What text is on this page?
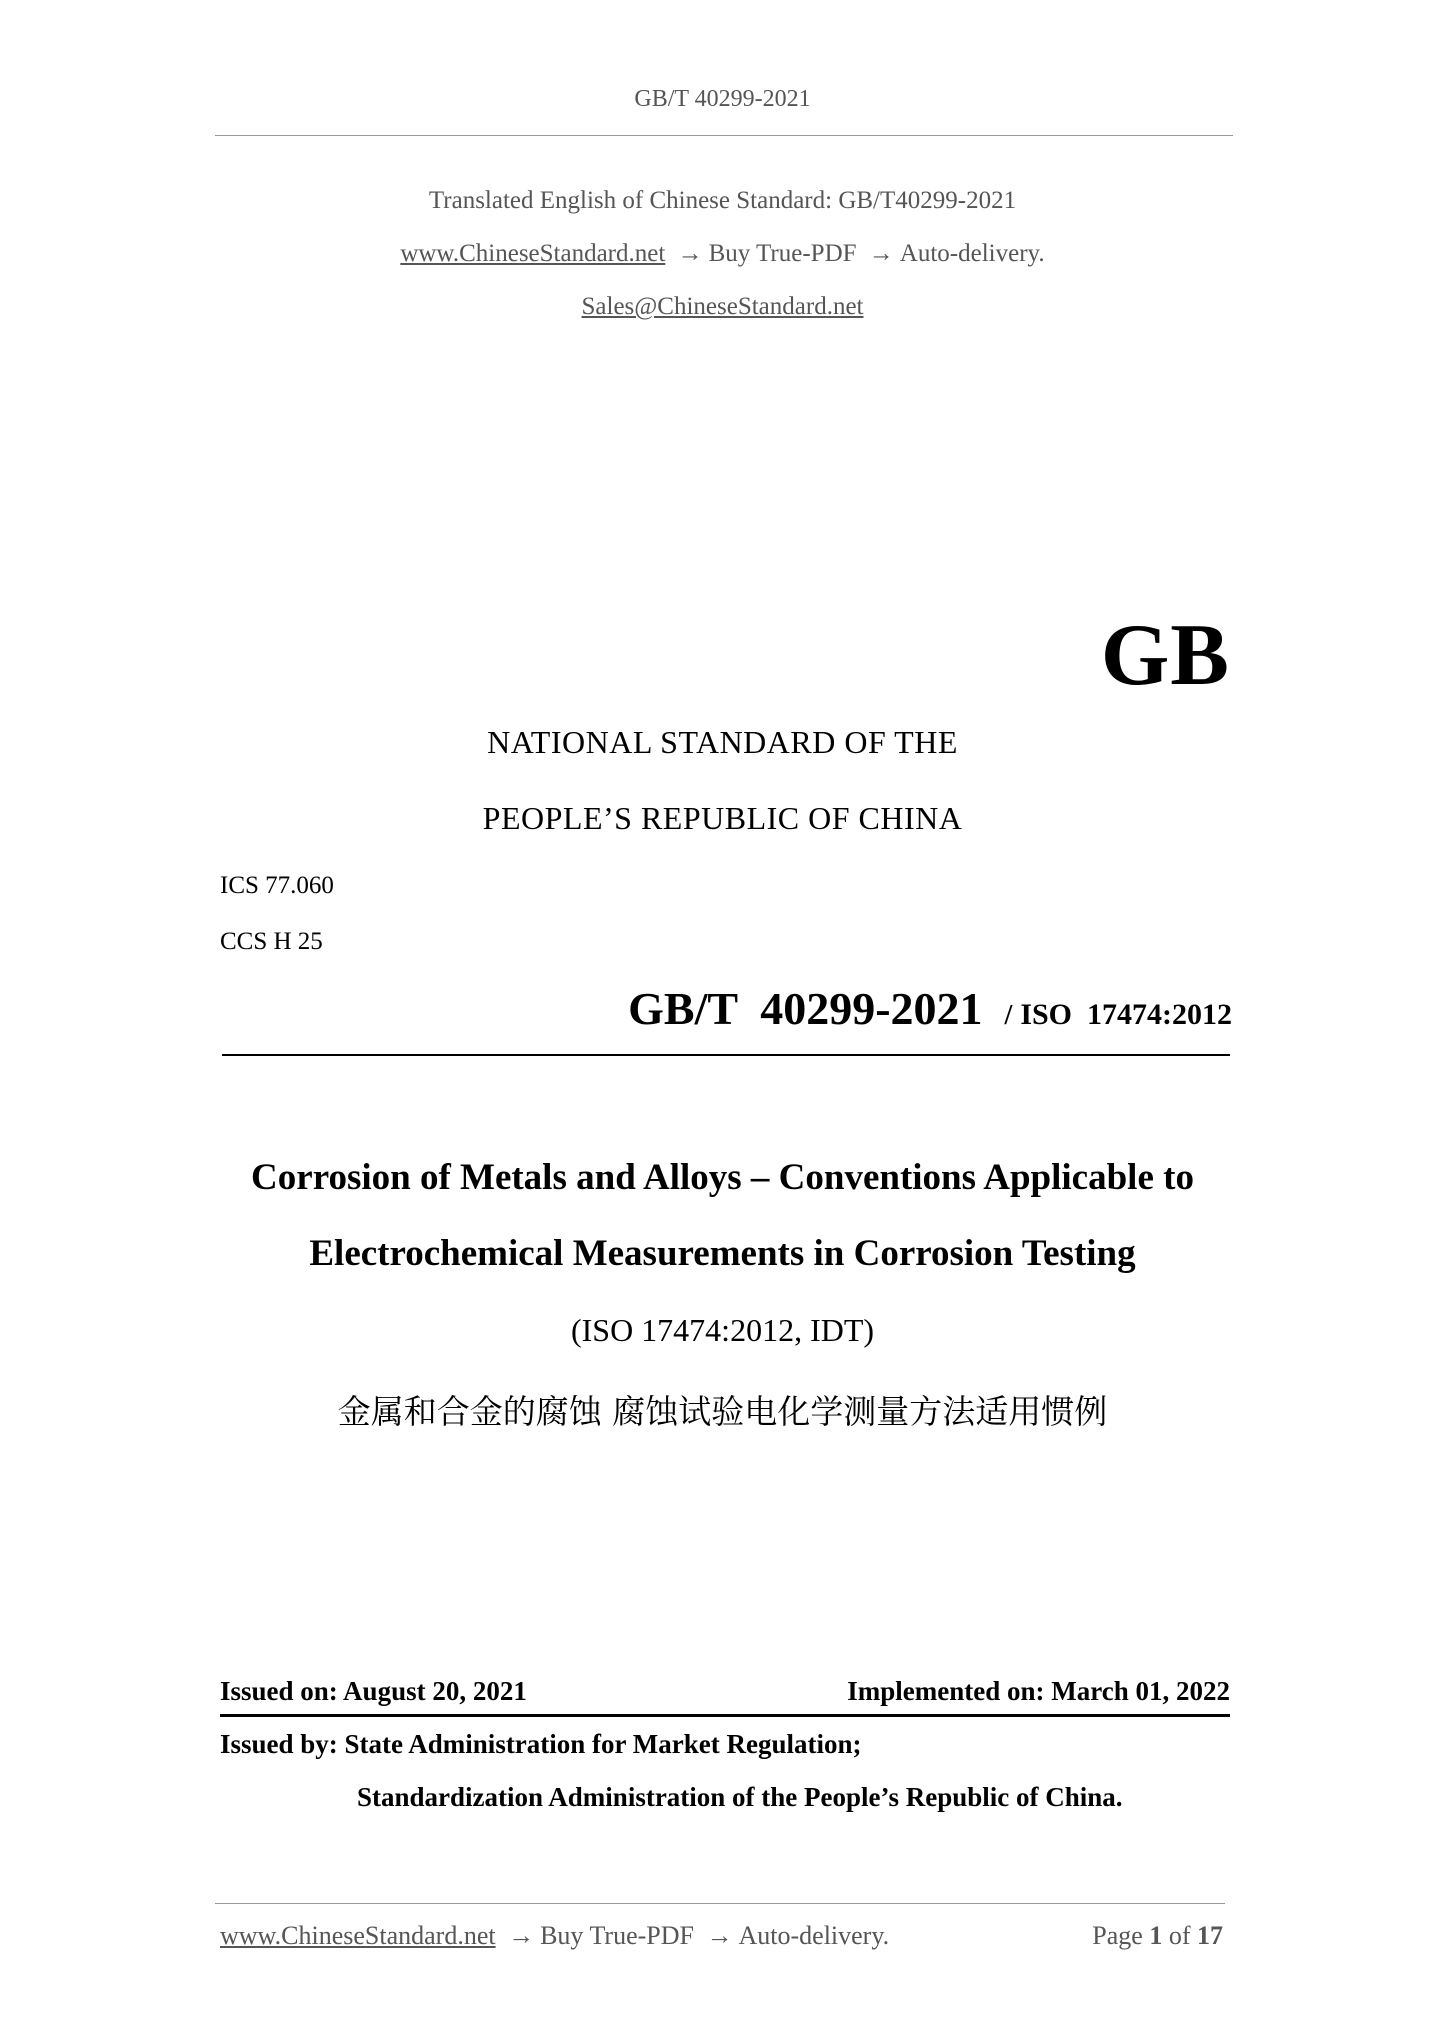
GB/T 40299-2021
Translated English of Chinese Standard: GB/T40299-2021
www.ChineseStandard.net → Buy True-PDF → Auto-delivery.
Sales@ChineseStandard.net
GB
NATIONAL STANDARD OF THE
PEOPLE’S REPUBLIC OF CHINA
ICS 77.060
CCS H 25
GB/T  40299-2021 / ISO  17474:2012
Corrosion of Metals and Alloys – Conventions Applicable to
Electrochemical Measurements in Corrosion Testing
(ISO 17474:2012, IDT)
金属和合金的腐蚀 腐蚀试验电化学测量方法适用惯例
Issued on: August 20, 2021	Implemented on: March 01, 2022
Issued by: State Administration for Market Regulation;
Standardization Administration of the People’s Republic of China.
www.ChineseStandard.net → Buy True-PDF → Auto-delivery.	Page 1 of 17
